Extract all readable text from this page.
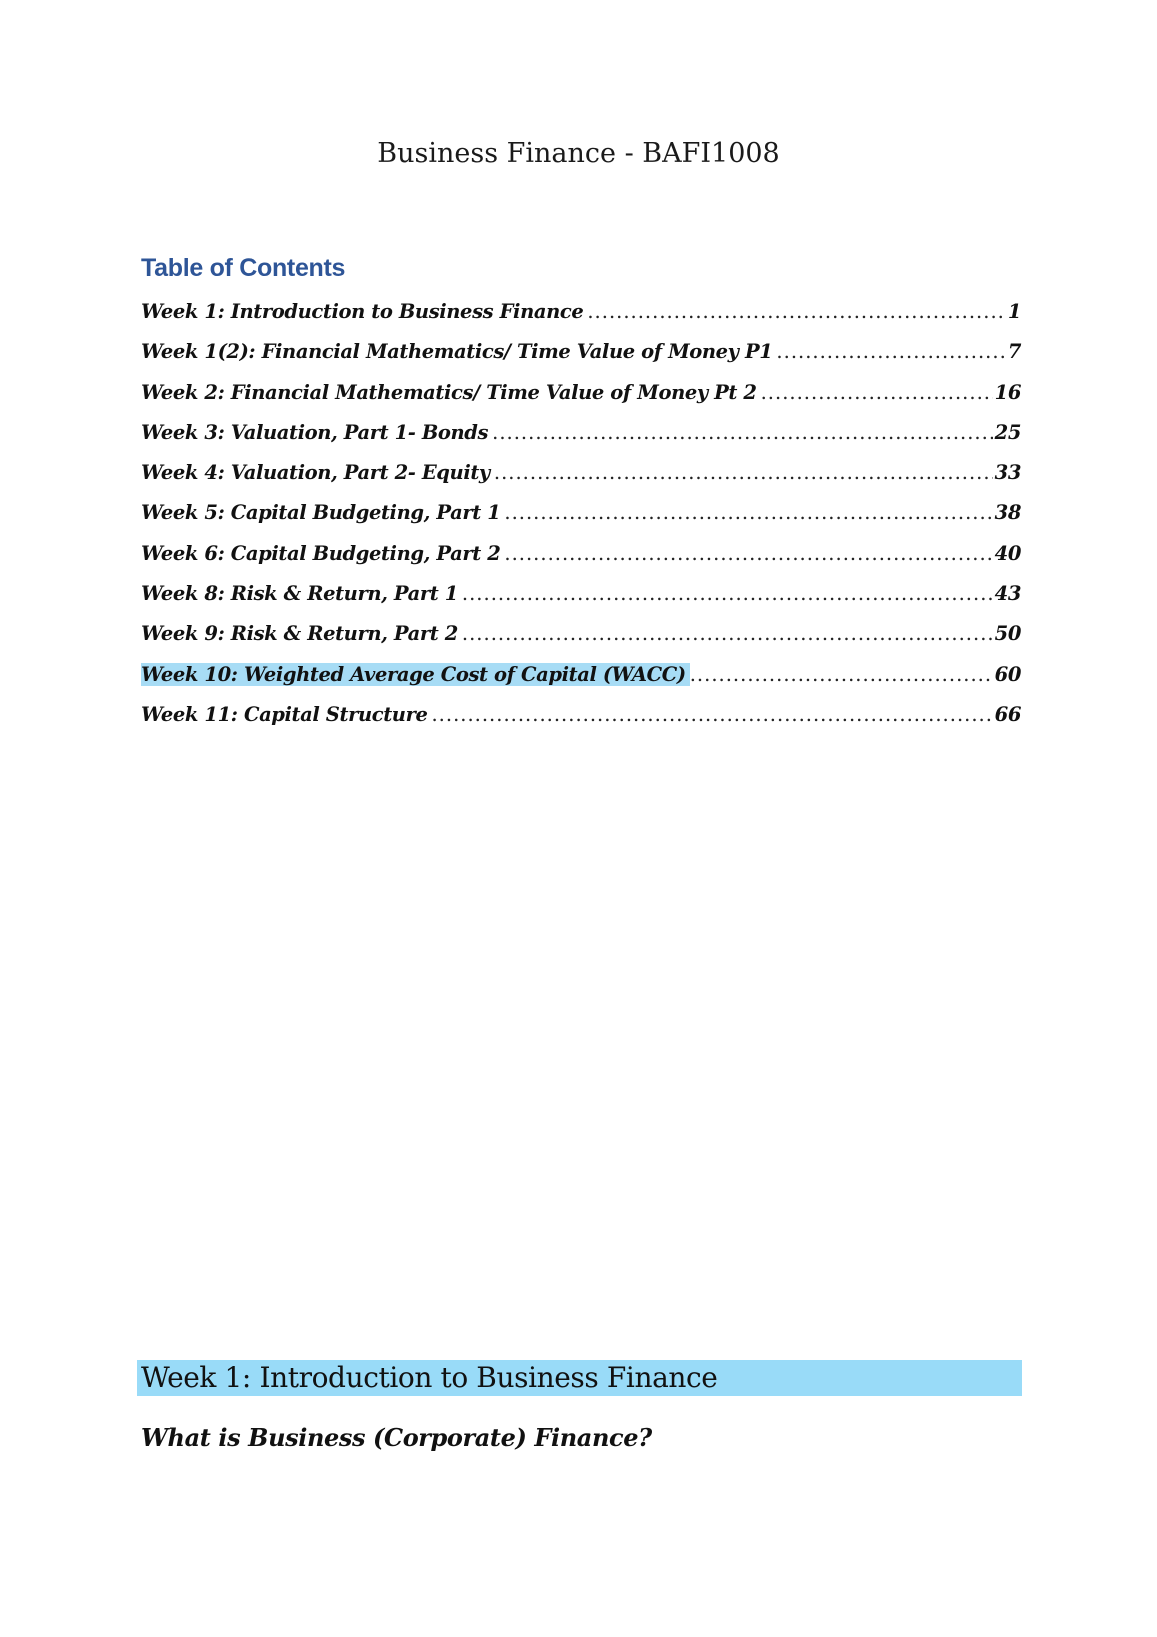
Business Finance - BAFI1008
Table of Contents
Week 1: Introduction to Business Finance .....	1
Week 1(2): Financial Mathematics/ Time Value of Money P1 .....	7
Week 2: Financial Mathematics/ Time Value of Money Pt 2 .....	16
Week 3: Valuation, Part 1- Bonds .....	25
Week 4: Valuation, Part 2- Equity .....	33
Week 5: Capital Budgeting, Part 1 .....	38
Week 6: Capital Budgeting, Part 2 .....	40
Week 8: Risk & Return, Part 1 .....	43
Week 9: Risk & Return, Part 2 .....	50
Week 10: Weighted Average Cost of Capital (WACC) .....	60
Week 11: Capital Structure .....	66
Week 1: Introduction to Business Finance
What is Business (Corporate) Finance?
